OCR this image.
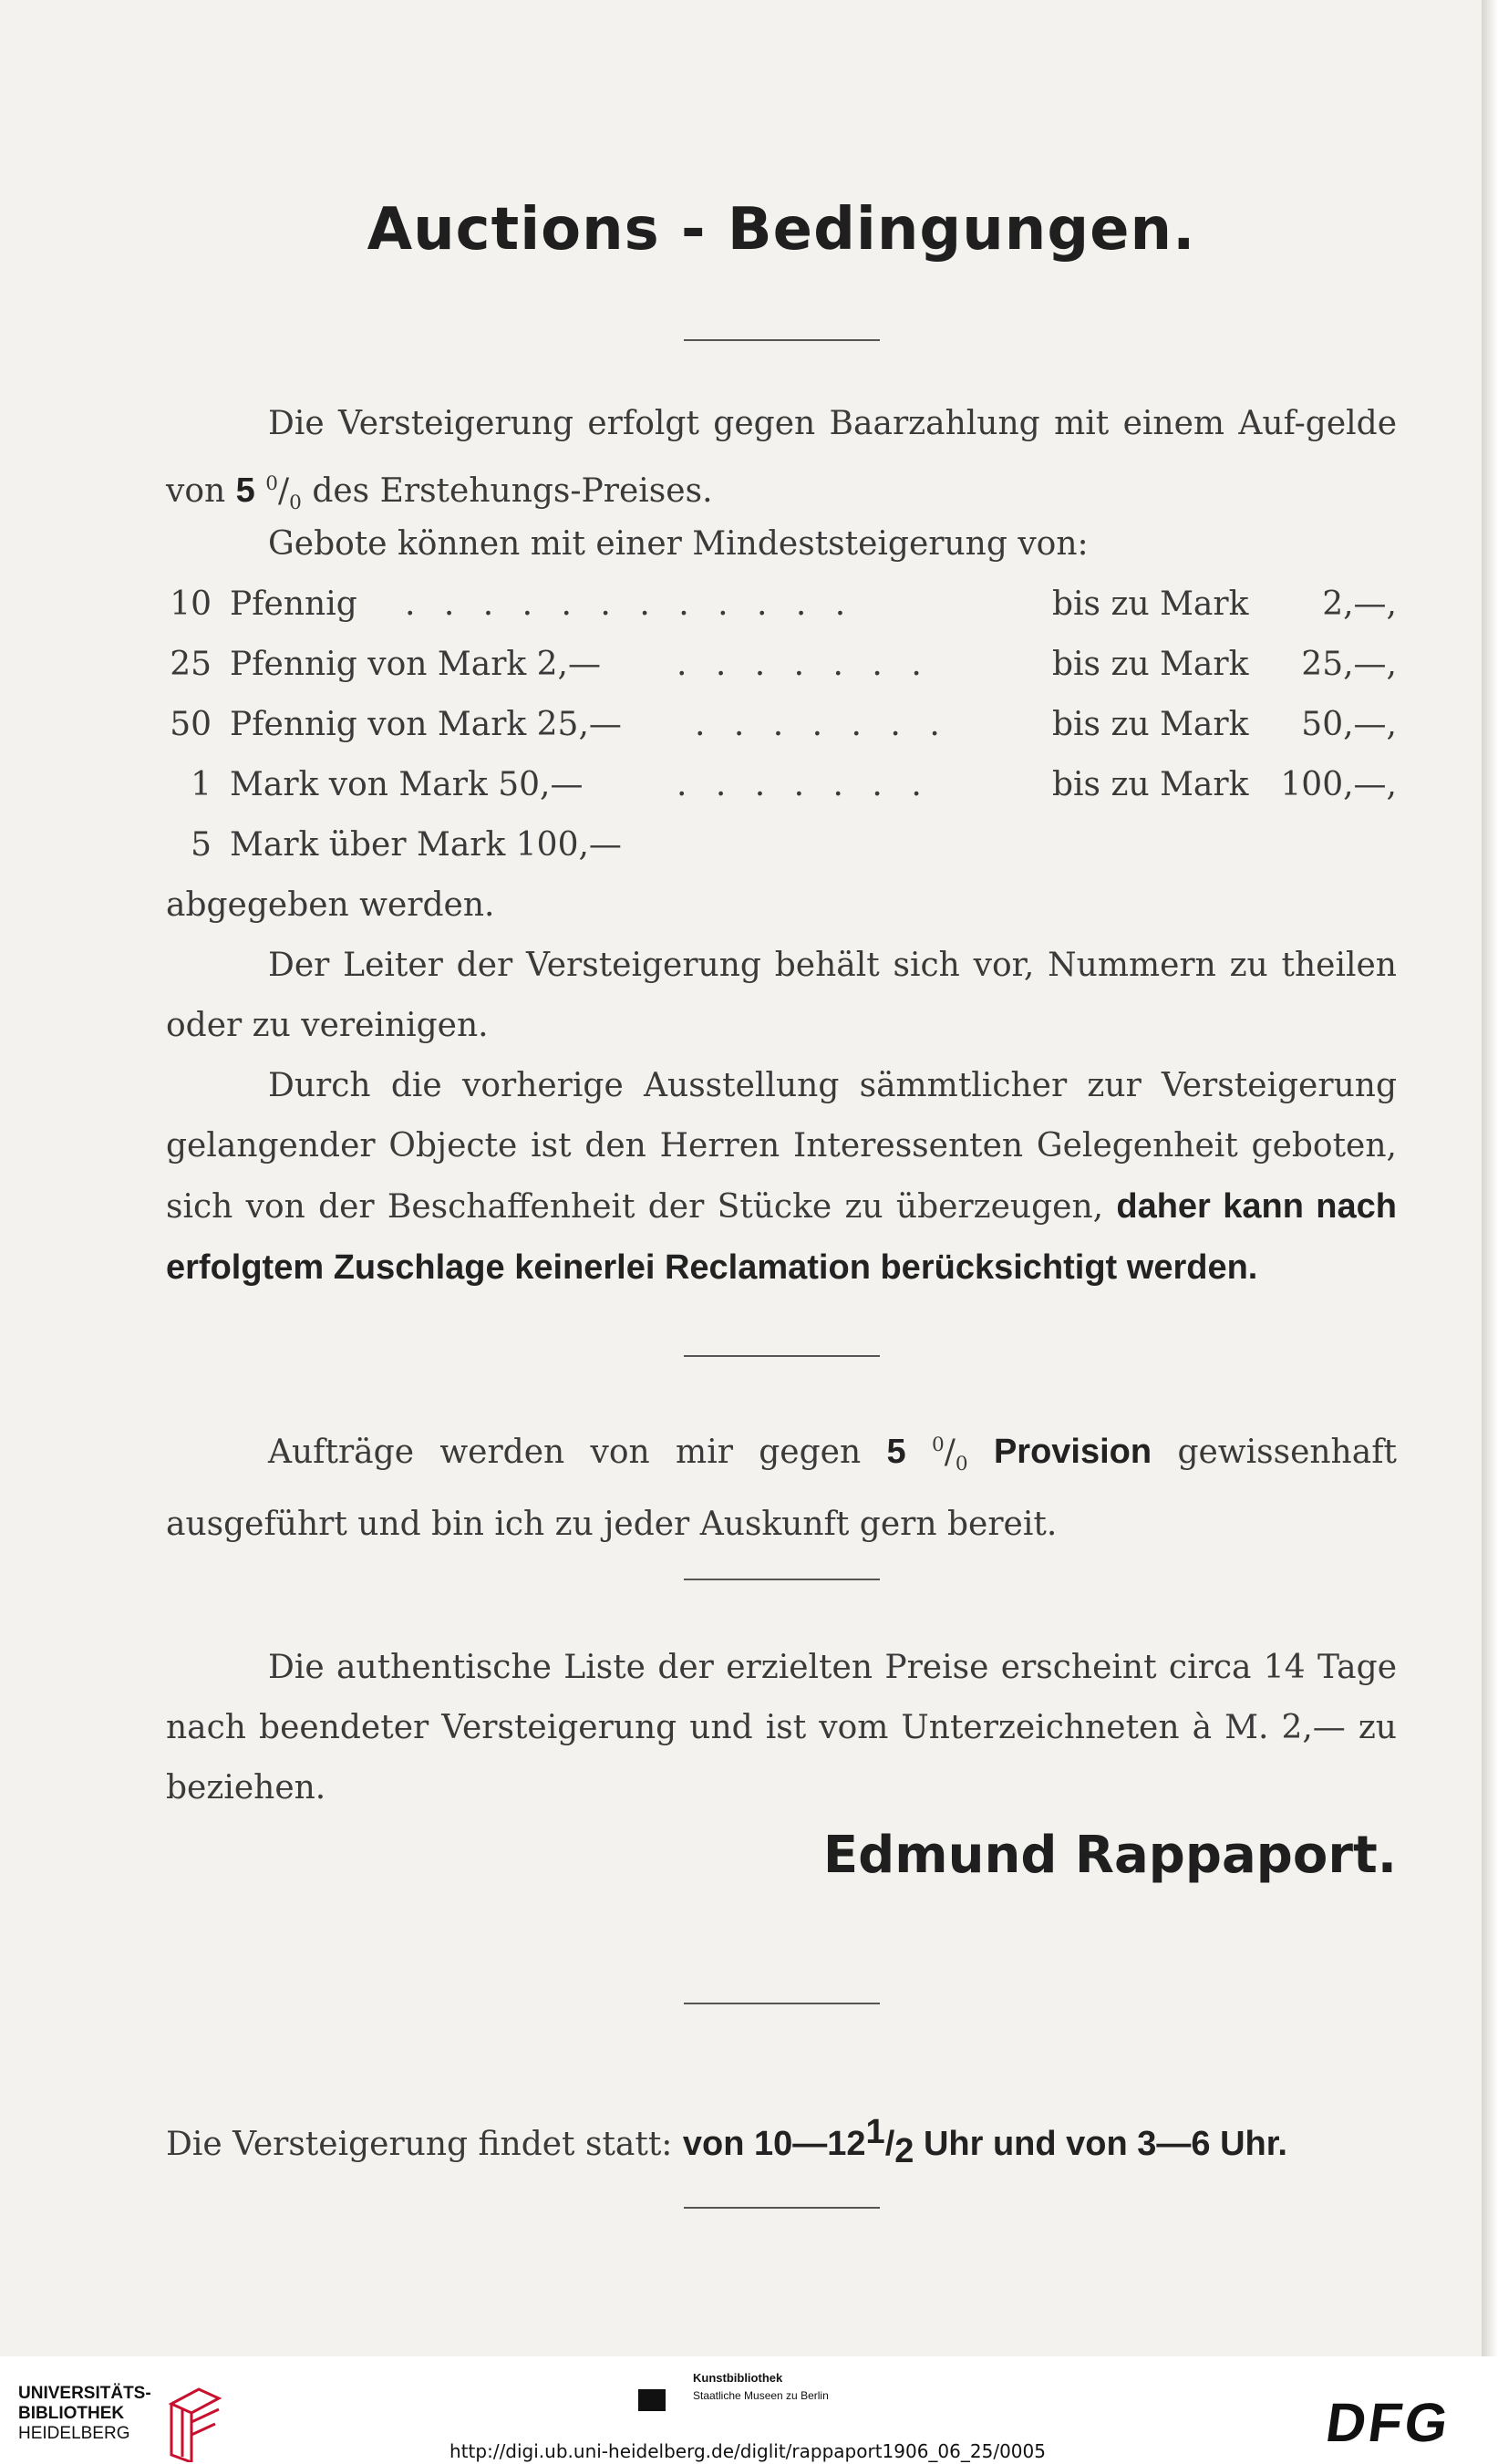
Auctions - Bedingungen.
Die Versteigerung erfolgt gegen Baarzahlung mit einem Auf-gelde von 5 $^0/_0$ des Erstehungs-Preises.
Gebote können mit einer Mindeststeigerung von:
10 Pfennig . . . . . . . . . . . .	bis zu Mark 2,—,
25 Pfennig von Mark 2,— . . . . . . .	bis zu Mark 25,—,
50 Pfennig von Mark 25,— . . . . . . .	bis zu Mark 50,—,
1 Mark von Mark 50,—	. . . . . . .	bis zu Mark 100,—,
5 Mark über Mark 100,—
abgegeben werden.
Der Leiter der Versteigerung behält sich vor, Nummern zu theilen oder zu vereinigen.
Durch die vorherige Ausstellung sämmtlicher zur Versteigerung gelangender Objecte ist den Herren Interessenten Gelegenheit geboten, sich von der Beschaffenheit der Stücke zu überzeugen, daher kann nach erfolgtem Zuschlage keinerlei Reclamation berücksichtigt werden.
Aufträge werden von mir gegen 5 $^0/_0$ Provision gewissenhaft ausgeführt und bin ich zu jeder Auskunft gern bereit.
Die authentische Liste der erzielten Preise erscheint circa 14 Tage nach beendeter Versteigerung und ist vom Unterzeichneten à M. 2,— zu beziehen.
Edmund Rappaport.
Die Versteigerung findet statt: von $10—12^1/_2$ Uhr und von 3—6 Uhr.
UNIVERSITÄTS-
BIBLIOTHEK
HEIDELBERG
Kunstbibliothek
Staatliche Museen zu Berlin	DFG
http://digi.ub.uni-heidelberg.de/diglit/rappaport1906_06_25/0005
